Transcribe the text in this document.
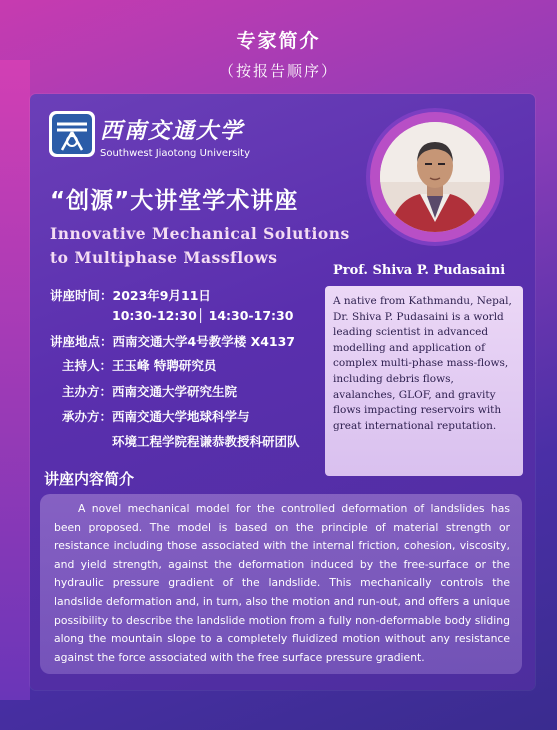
专家简介
（按报告顺序）
西南交通大学
Southwest Jiaotong University
“创源”大讲堂学术讲座
Innovative Mechanical Solutions
to Multiphase Massflows
Prof. Shiva P. Pudasaini
A native from Kathmandu, Nepal, Dr. Shiva P. Pudasaini is a world leading scientist in advanced modelling and application of complex multi-phase mass-flows, including debris flows, avalanches, GLOF, and gravity flows impacting reservoirs with great international reputation.
讲座时间：2023年9月11日
10:30-12:30│ 14:30-17:30
讲座地点：西南交通大学4号教学楼 X4137
主持人：王玉峰 特聘研究员
主办方：西南交通大学研究生院
承办方：西南交通大学地球科学与
环境工程学院程谦恭教授科研团队
讲座内容简介
A novel mechanical model for the controlled deformation of landslides has been proposed. The model is based on the principle of material strength or resistance including those associated with the internal friction, cohesion, viscosity, and yield strength, against the deformation induced by the free-surface or the hydraulic pressure gradient of the landslide. This mechanically controls the landslide deformation and, in turn, also the motion and run-out, and offers a unique possibility to describe the landslide motion from a fully non-deformable body sliding along the mountain slope to a completely fluidized motion without any resistance against the force associated with the free surface pressure gradient.
